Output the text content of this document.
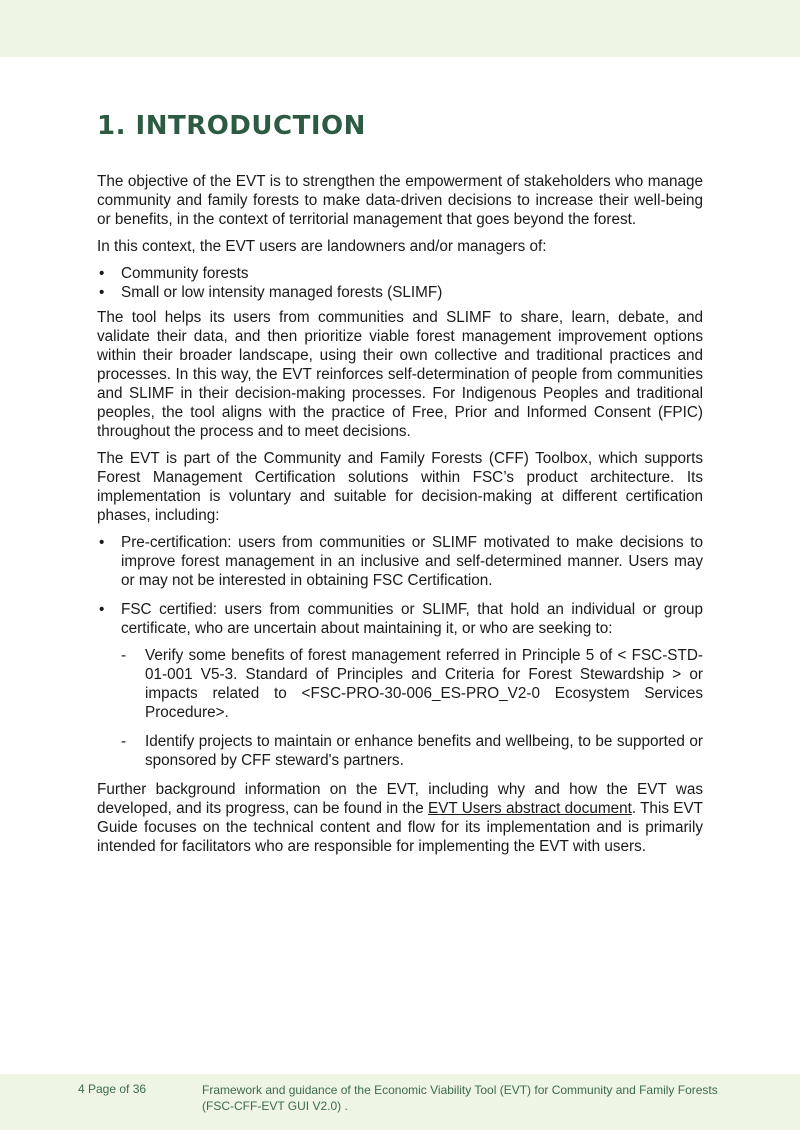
1. INTRODUCTION

The objective of the EVT is to strengthen the empowerment of stakeholders who manage community and family forests to make data-driven decisions to increase their well-being or benefits, in the context of territorial management that goes beyond the forest.

In this context, the EVT users are landowners and/or managers of:

• Community forests
• Small or low intensity managed forests (SLIMF)

The tool helps its users from communities and SLIMF to share, learn, debate, and validate their data, and then prioritize viable forest management improvement options within their broader landscape, using their own collective and traditional practices and processes. In this way, the EVT reinforces self-determination of people from communities and SLIMF in their decision-making processes. For Indigenous Peoples and traditional peoples, the tool aligns with the practice of Free, Prior and Informed Consent (FPIC) throughout the process and to meet decisions.

The EVT is part of the Community and Family Forests (CFF) Toolbox, which supports Forest Management Certification solutions within FSC’s product architecture. Its implementation is voluntary and suitable for decision-making at different certification phases, including:

• Pre-certification: users from communities or SLIMF motivated to make decisions to improve forest management in an inclusive and self-determined manner. Users may or may not be interested in obtaining FSC Certification.
• FSC certified: users from communities or SLIMF, that hold an individual or group certificate, who are uncertain about maintaining it, or who are seeking to:
- Verify some benefits of forest management referred in Principle 5 of < FSC-STD-01-001 V5-3. Standard of Principles and Criteria for Forest Stewardship > or impacts related to <FSC-PRO-30-006_ES-PRO_V2-0 Ecosystem Services Procedure>.
- Identify projects to maintain or enhance benefits and wellbeing, to be supported or sponsored by CFF steward's partners.

Further background information on the EVT, including why and how the EVT was developed, and its progress, can be found in the EVT Users abstract document. This EVT Guide focuses on the technical content and flow for its implementation and is primarily intended for facilitators who are responsible for implementing the EVT with users.

4 Page of 36	Framework and guidance of the Economic Viability Tool (EVT) for Community and Family Forests (FSC-CFF-EVT GUI V2.0) .
